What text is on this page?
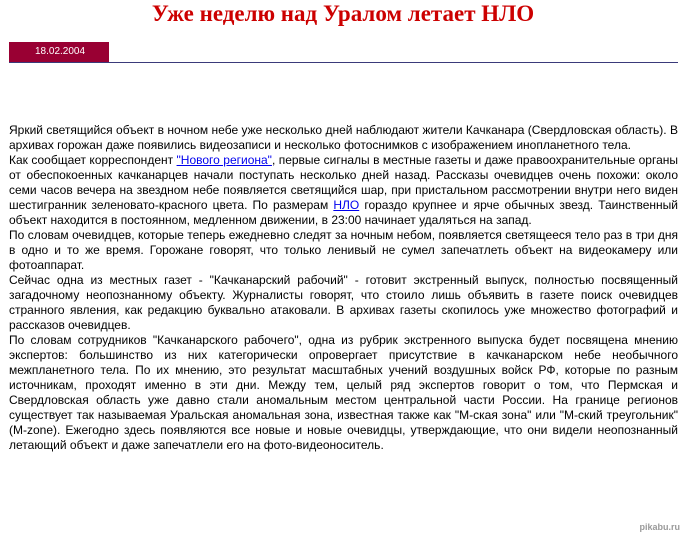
Уже неделю над Уралом летает НЛО
18.02.2004

Яркий светящийся объект в ночном небе уже несколько дней наблюдают жители Качканара (Свердловская область). В архивах горожан даже появились видеозаписи и несколько фотоснимков с изображением инопланетного тела.

Как сообщает корреспондент "Нового региона", первые сигналы в местные газеты и даже правоохранительные органы от обеспокоенных качканарцев начали поступать несколько дней назад. Рассказы очевидцев очень похожи: около семи часов вечера на звездном небе появляется светящийся шар, при пристальном рассмотрении внутри него виден шестигранник зеленовато-красного цвета. По размерам НЛО гораздо крупнее и ярче обычных звезд. Таинственный объект находится в постоянном, медленном движении, в 23:00 начинает удаляться на запад.

По словам очевидцев, которые теперь ежедневно следят за ночным небом, появляется светящееся тело раз в три дня в одно и то же время. Горожане говорят, что только ленивый не сумел запечатлеть объект на видеокамеру или фотоаппарат.

Сейчас одна из местных газет - "Качканарский рабочий" - готовит экстренный выпуск, полностью посвященный загадочному неопознанному объекту. Журналисты говорят, что стоило лишь объявить в газете поиск очевидцев странного явления, как редакцию буквально атаковали. В архивах газеты скопилось уже множество фотографий и рассказов очевидцев.

По словам сотрудников "Качканарского рабочего", одна из рубрик экстренного выпуска будет посвящена мнению экспертов: большинство из них категорически опровергает присутствие в качканарском небе необычного межпланетного тела. По их мнению, это результат масштабных учений воздушных войск РФ, которые по разным источникам, проходят именно в эти дни. Между тем, целый ряд экспертов говорит о том, что Пермская и Свердловская область уже давно стали аномальным местом центральной части России. На границе регионов существует так называемая Уральская аномальная зона, известная также как "М-ская зона" или "М-ский треугольник" (M-zone). Ежегодно здесь появляются все новые и новые очевидцы, утверждающие, что они видели неопознанный летающий объект и даже запечатлели его на фото-видеоноситель.

pikabu.ru
